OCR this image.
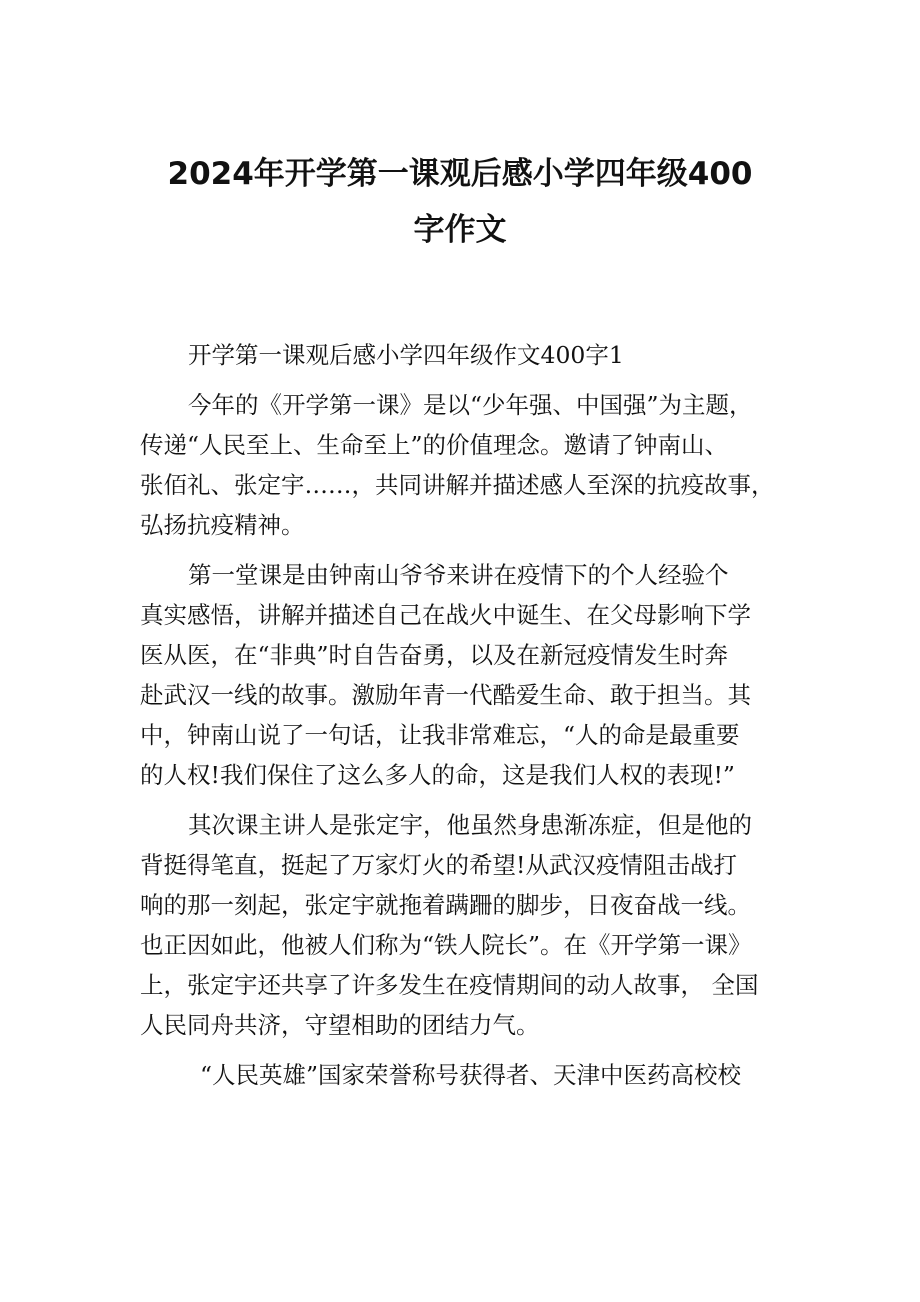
2024年开学第一课观后感小学四年级400
字作文

开学第一课观后感小学四年级作文400字1

今年的《开学第一课》是以“少年强、中国强”为主题，
传递“人民至上、生命至上”的价值理念。邀请了钟南山、
张佰礼、张定宇……，共同讲解并描述感人至深的抗疫故事，
弘扬抗疫精神。

第一堂课是由钟南山爷爷来讲在疫情下的个人经验个
真实感悟，讲解并描述自己在战火中诞生、在父母影响下学
医从医，在“非典”时自告奋勇，以及在新冠疫情发生时奔
赴武汉一线的故事。激励年青一代酷爱生命、敢于担当。其
中，钟南山说了一句话，让我非常难忘，“人的命是最重要
的人权!我们保住了这么多人的命，这是我们人权的表现!”

其次课主讲人是张定宇，他虽然身患渐冻症，但是他的
背挺得笔直，挺起了万家灯火的希望!从武汉疫情阻击战打
响的那一刻起，张定宇就拖着蹒跚的脚步，日夜奋战一线。
也正因如此，他被人们称为“铁人院长”。在《开学第一课》
上，张定宇还共享了许多发生在疫情期间的动人故事， 全国
人民同舟共济，守望相助的团结力气。

“人民英雄”国家荣誉称号获得者、天津中医药高校校
